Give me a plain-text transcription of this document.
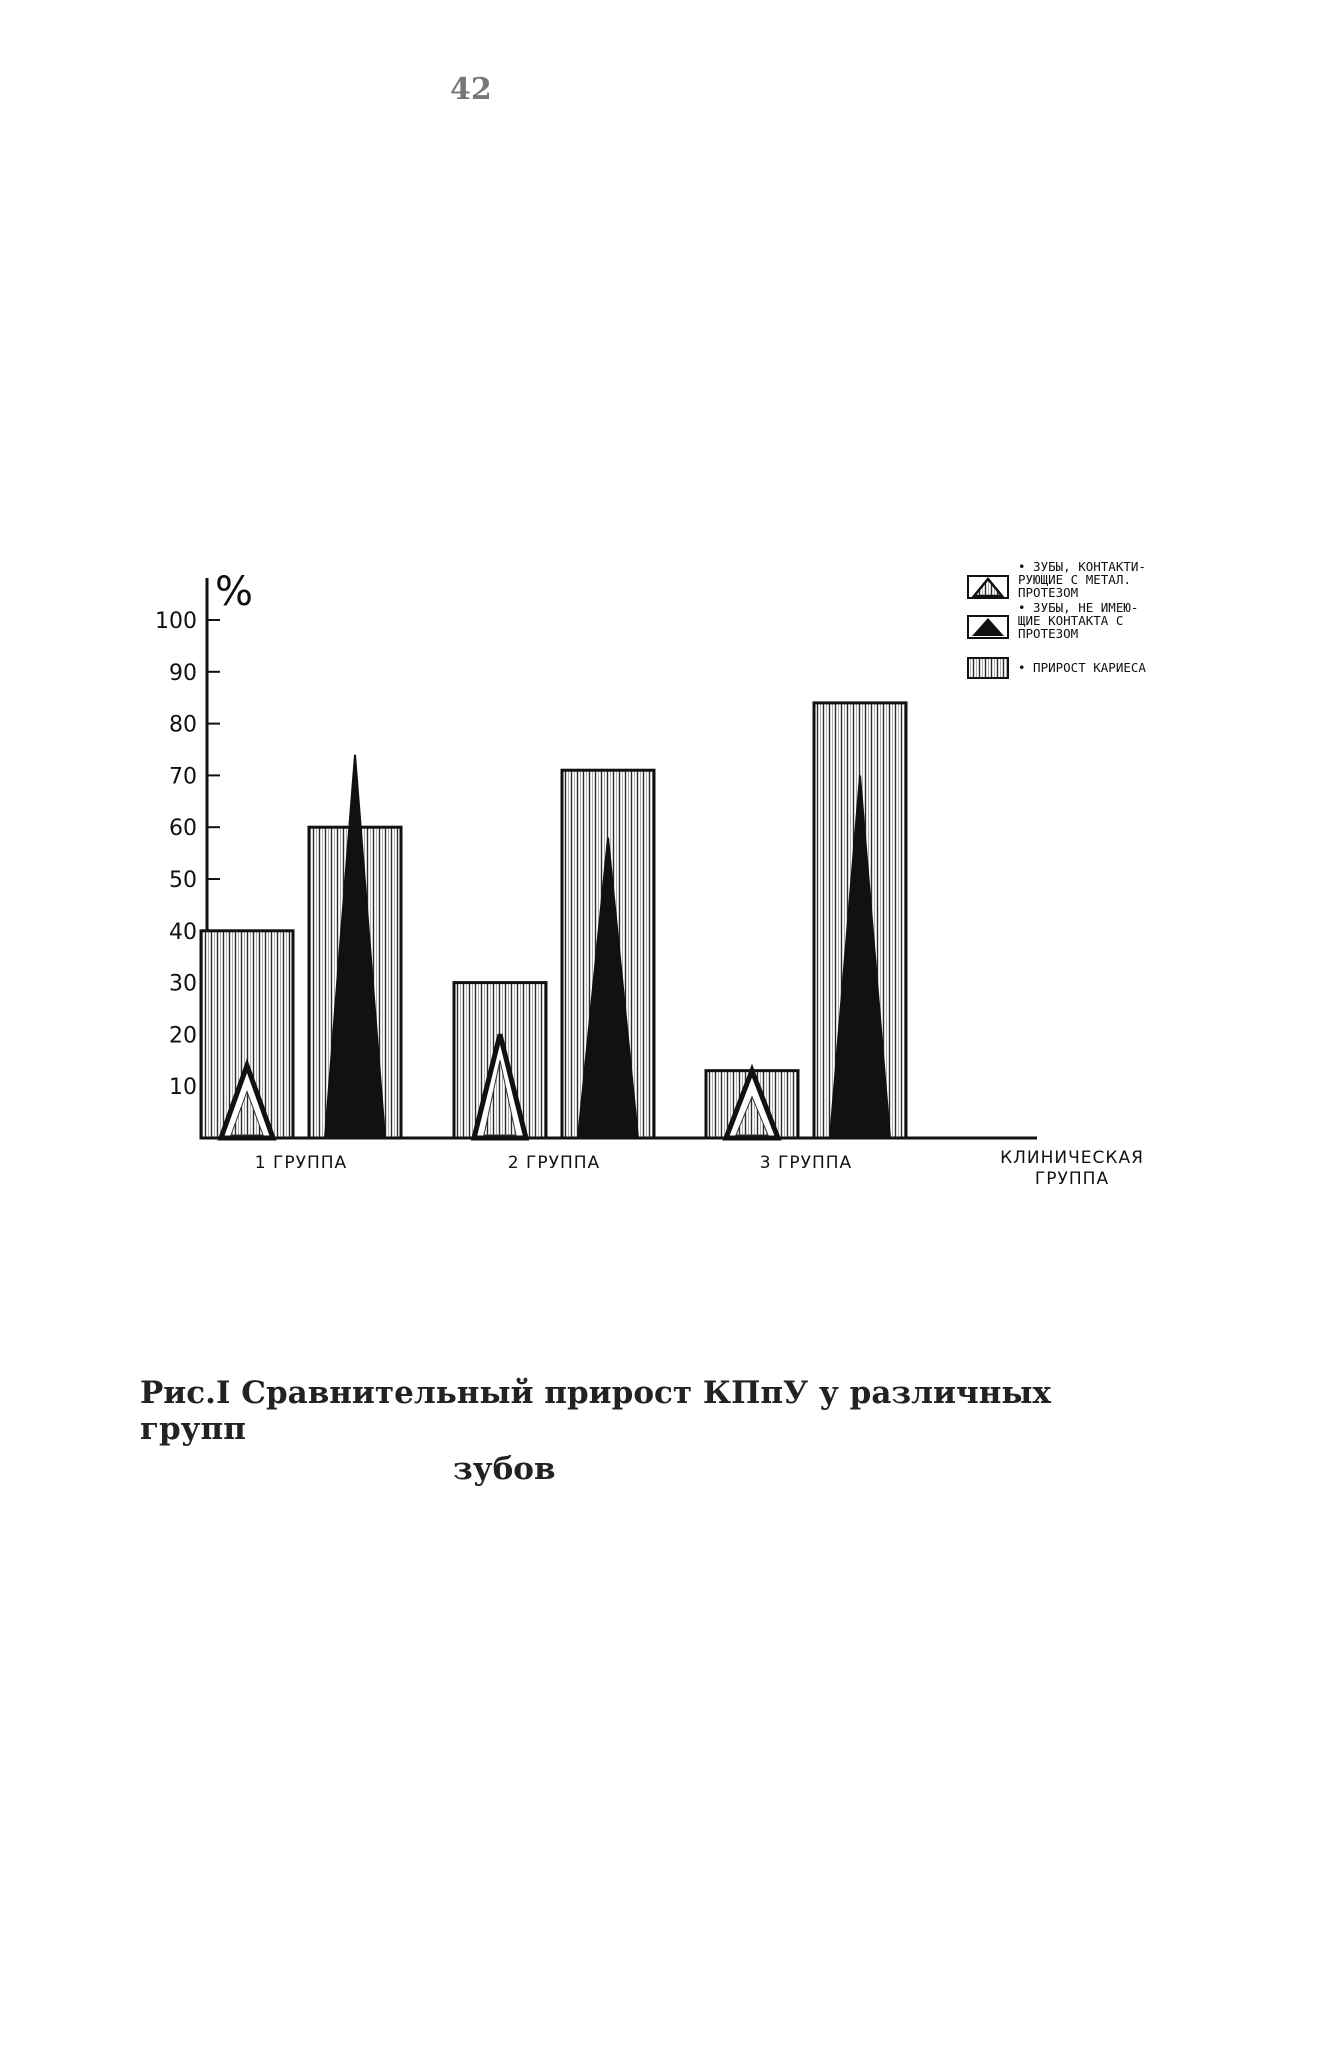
42
%
10
20
30
40
50
60
70
80
90
100
КЛИНИЧЕСКАЯ
ГРУППА
1 ГРУППА	2 ГРУППА	3 ГРУППА
• ЗУБЫ, КОНТАКТИ-
РУЮЩИЕ С МЕТАЛ.
ПРОТЕЗОМ
• ЗУБЫ, НЕ ИМЕЮ-
ЩИЕ КОНТАКТА С
ПРОТЕЗОМ
• ПРИРОСТ КАРИЕСА
Рис.I Сравнительный прирост КПпУ у различных групп
зубов
